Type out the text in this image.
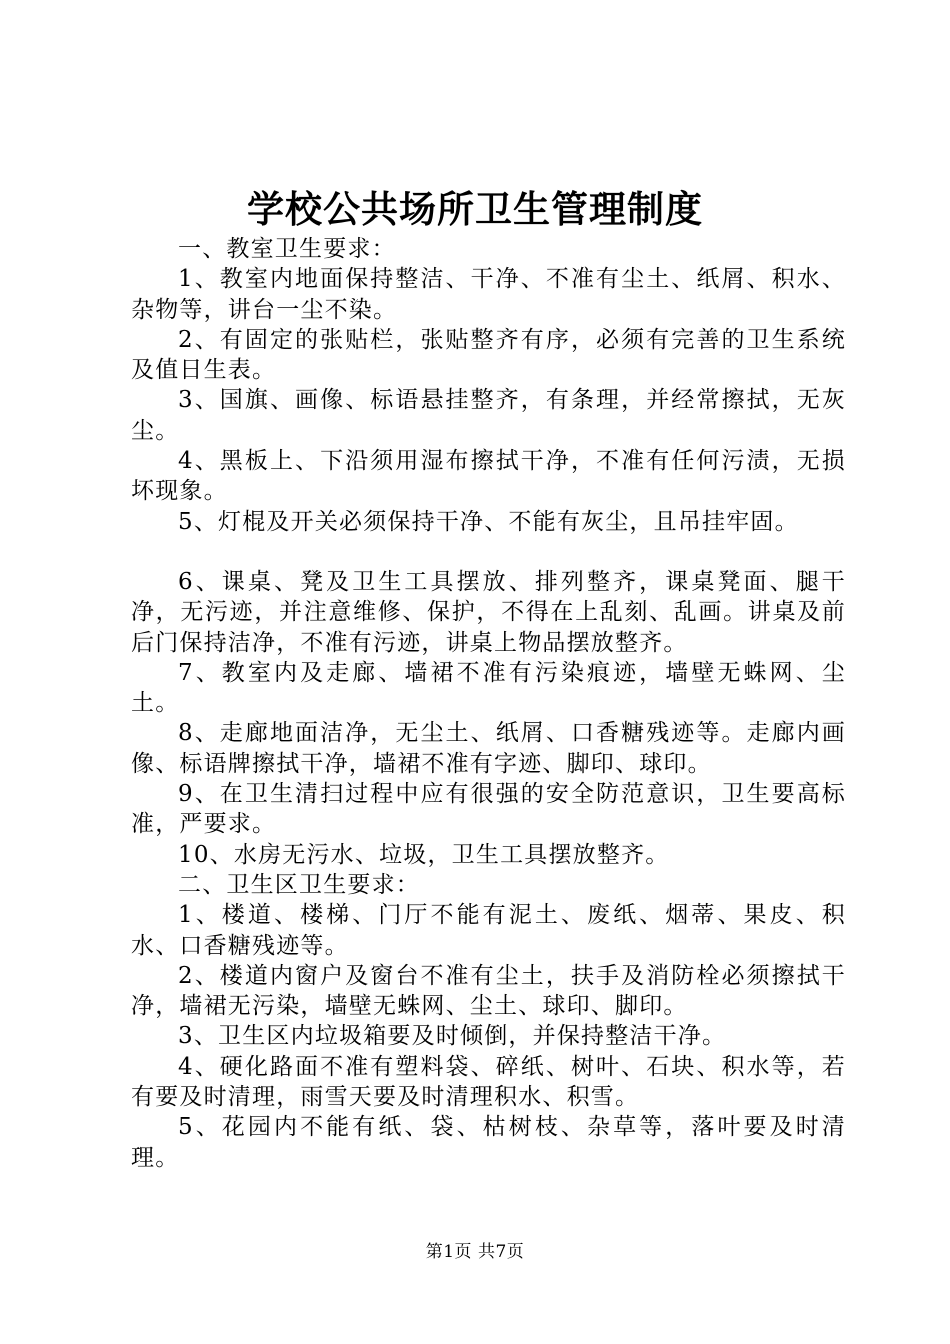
学校公共场所卫生管理制度

一、教室卫生要求：

1、教室内地面保持整洁、干净、不准有尘土、纸屑、积水、杂物等，讲台一尘不染。

2、有固定的张贴栏，张贴整齐有序，必须有完善的卫生系统及值日生表。

3、国旗、画像、标语悬挂整齐，有条理，并经常擦拭，无灰尘。

4、黑板上、下沿须用湿布擦拭干净，不准有任何污渍，无损坏现象。

5、灯棍及开关必须保持干净、不能有灰尘，且吊挂牢固。

6、课桌、凳及卫生工具摆放、排列整齐，课桌凳面、腿干净，无污迹，并注意维修、保护，不得在上乱刻、乱画。讲桌及前后门保持洁净，不准有污迹，讲桌上物品摆放整齐。

7、教室内及走廊、墙裙不准有污染痕迹，墙壁无蛛网、尘土。

8、走廊地面洁净，无尘土、纸屑、口香糖残迹等。走廊内画像、标语牌擦拭干净，墙裙不准有字迹、脚印、球印。

9、在卫生清扫过程中应有很强的安全防范意识，卫生要高标准，严要求。

10、水房无污水、垃圾，卫生工具摆放整齐。

二、卫生区卫生要求：

1、楼道、楼梯、门厅不能有泥土、废纸、烟蒂、果皮、积水、口香糖残迹等。

2、楼道内窗户及窗台不准有尘土，扶手及消防栓必须擦拭干净，墙裙无污染，墙壁无蛛网、尘土、球印、脚印。

3、卫生区内垃圾箱要及时倾倒，并保持整洁干净。

4、硬化路面不准有塑料袋、碎纸、树叶、石块、积水等，若有要及时清理，雨雪天要及时清理积水、积雪。

5、花园内不能有纸、袋、枯树枝、杂草等，落叶要及时清理。

第1页 共7页
